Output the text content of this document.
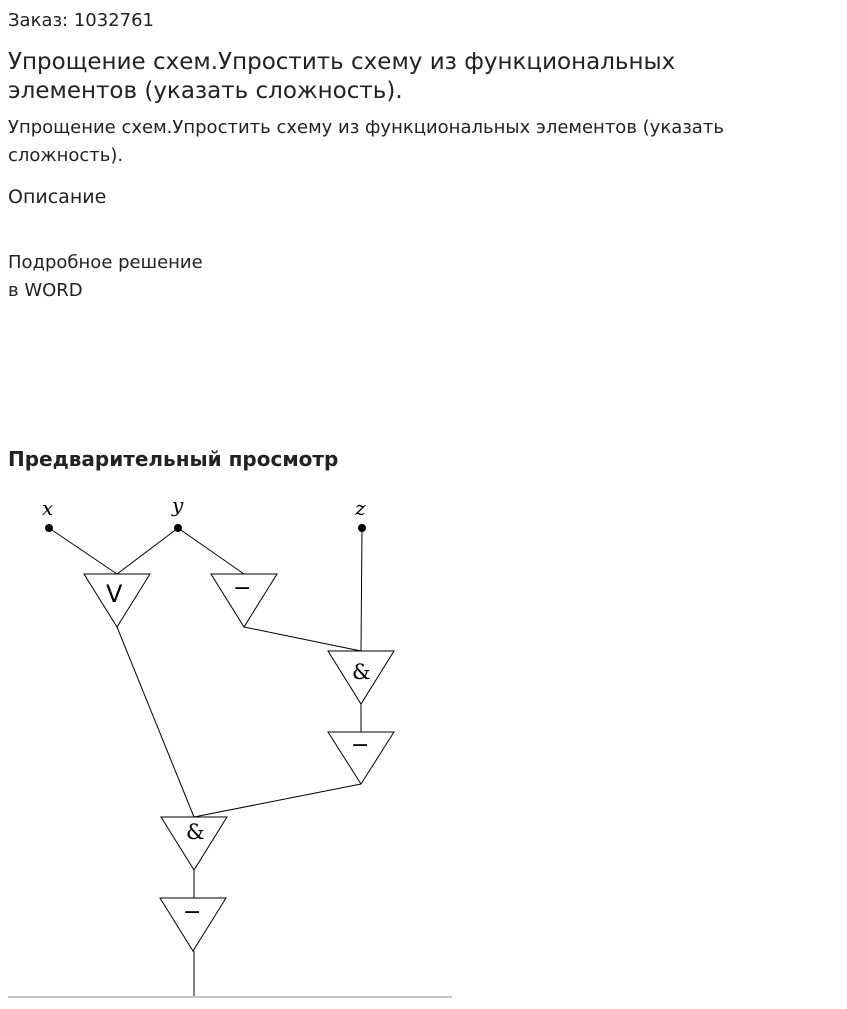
Заказ: 1032761
Упрощение схем.Упростить схему из функциональных элементов (указать сложность).
Упрощение схем.Упростить схему из функциональных элементов (указать сложность).
Описание
Подробное решение
в WORD
Предварительный просмотр
x	y	z
V	−
&
−
&
−
